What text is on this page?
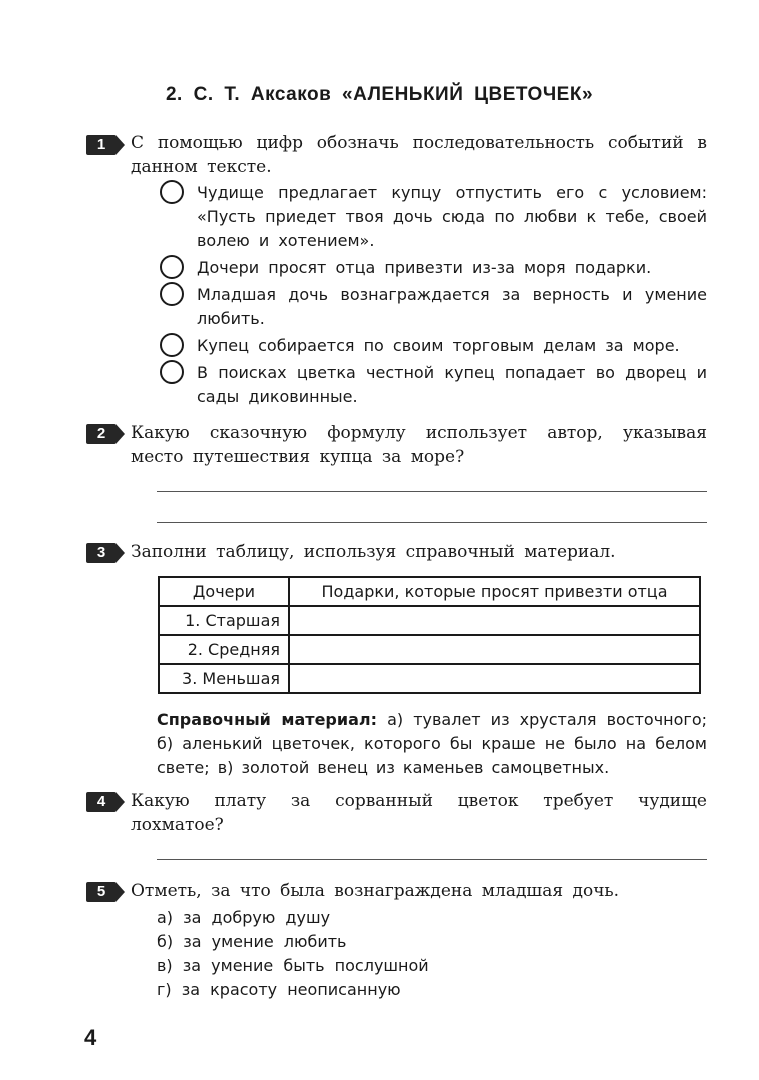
2. С. Т. Аксаков «АЛЕНЬКИЙ ЦВЕТОЧЕК»
1	С помощью цифр обозначь последовательность событий в данном тексте.
Чудище предлагает купцу отпустить его с условием: «Пусть приедет твоя дочь сюда по любви к тебе, своей волею и хотением».
Дочери просят отца привезти из-за моря подарки.
Младшая дочь вознаграждается за верность и умение любить.
Купец собирается по своим торговым делам за море.
В поисках цветка честной купец попадает во дворец и сады диковинные.
2	Какую сказочную формулу использует автор, указывая место путешествия купца за море?
3	Заполни таблицу, используя справочный материал.
Дочери	Подарки, которые просят привезти отца
1. Старшая	
2. Средняя	
3. Меньшая	
Справочный материал: а) тувалет из хрусталя восточного; б) аленький цветочек, которого бы краше не было на белом свете; в) золотой венец из каменьев самоцветных.
4	Какую плату за сорванный цветок требует чудище лохматое?
5	Отметь, за что была вознаграждена младшая дочь.
а) за добрую душу
б) за умение любить
в) за умение быть послушной
г) за красоту неописанную
4
